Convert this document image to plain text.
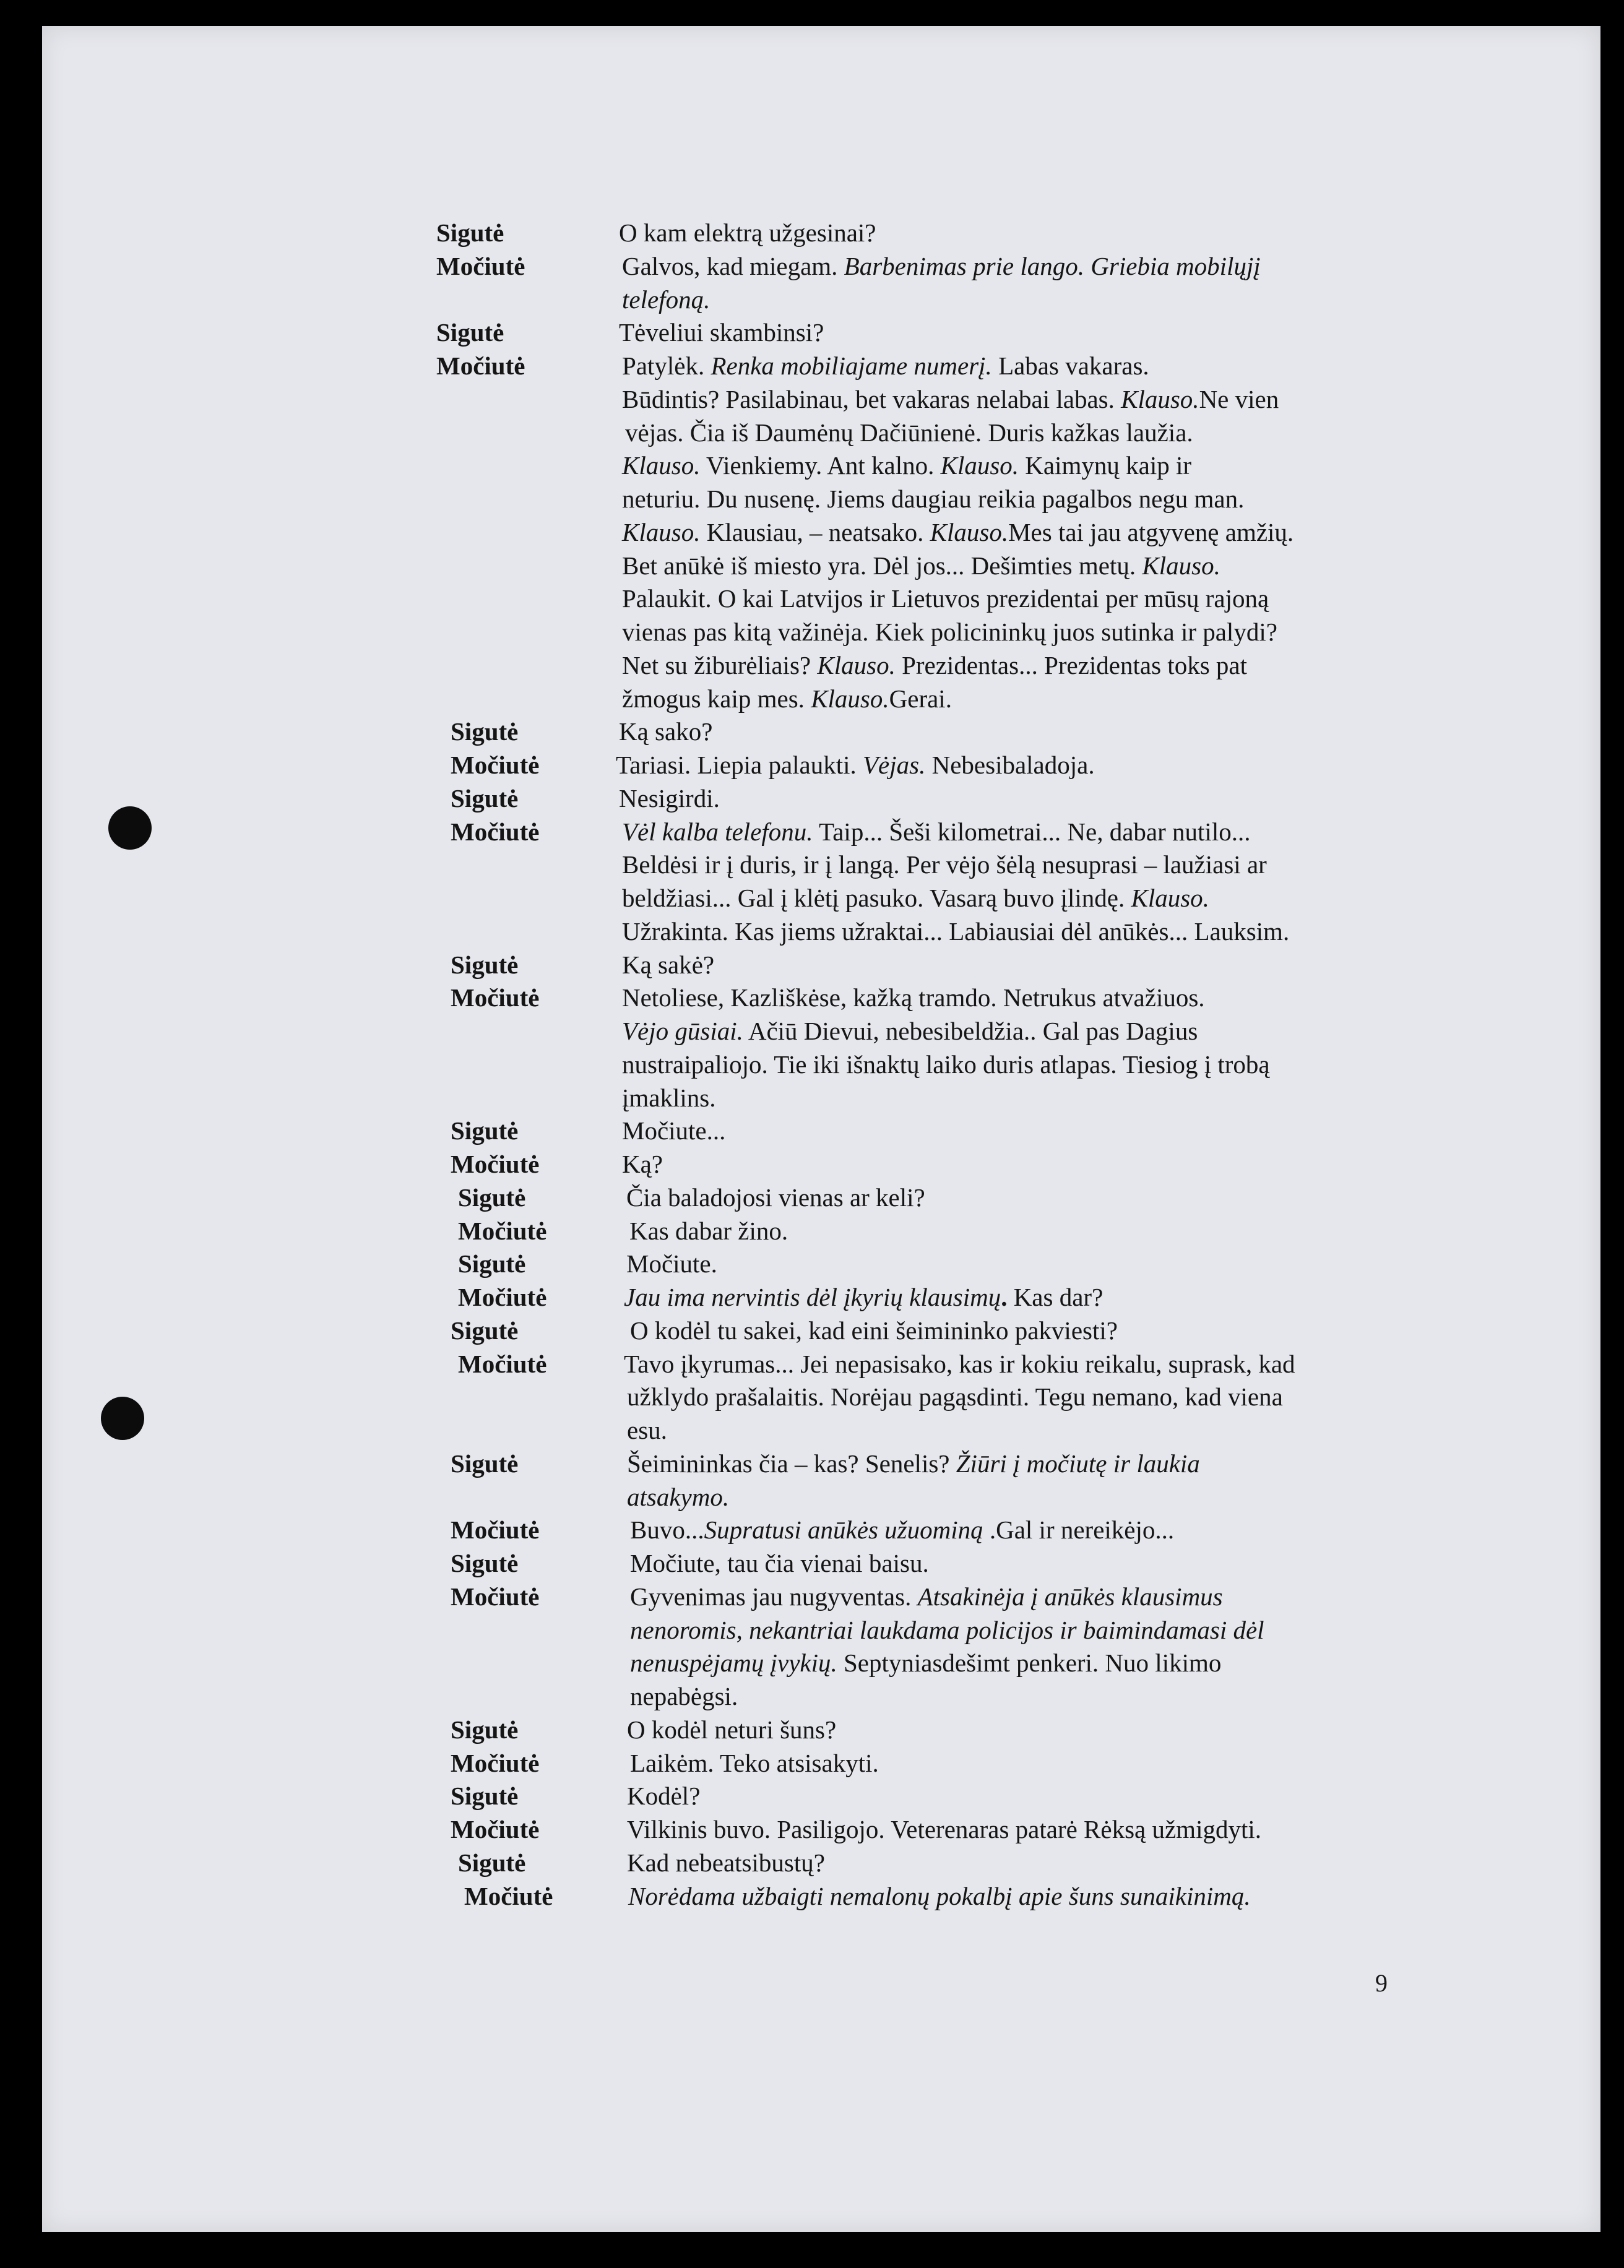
Sigutė	O kam elektrą užgesinai?
Močiutė	Galvos, kad miegam. Barbenimas prie lango. Griebia mobilųjį
telefoną.
Sigutė	Tėveliui skambinsi?
Močiutė	Patylėk. Renka mobiliajame numerį. Labas vakaras.
Būdintis? Pasilabinau, bet vakaras nelabai labas. Klauso.Ne vien
vėjas. Čia iš Daumėnų Dačiūnienė. Duris kažkas laužia.
Klauso. Vienkiemy. Ant kalno. Klauso. Kaimynų kaip ir
neturiu. Du nusenę. Jiems daugiau reikia pagalbos negu man.
Klauso. Klausiau, – neatsako. Klauso.Mes tai jau atgyvenę amžių.
Bet anūkė iš miesto yra. Dėl jos... Dešimties metų. Klauso.
Palaukit. O kai Latvijos ir Lietuvos prezidentai per mūsų rajoną
vienas pas kitą važinėja. Kiek policininkų juos sutinka ir palydi?
Net su žiburėliais? Klauso. Prezidentas... Prezidentas toks pat
žmogus kaip mes. Klauso.Gerai.
Sigutė	Ką sako?
Močiutė	Tariasi. Liepia palaukti. Vėjas. Nebesibaladoja.
Sigutė	Nesigirdi.
Močiutė	Vėl kalba telefonu. Taip... Šeši kilometrai... Ne, dabar nutilo...
Beldėsi ir į duris, ir į langą. Per vėjo šėlą nesuprasi – laužiasi ar
beldžiasi... Gal į klėtį pasuko. Vasarą buvo įlindę. Klauso.
Užrakinta. Kas jiems užraktai... Labiausiai dėl anūkės... Lauksim.
Sigutė	Ką sakė?
Močiutė	Netoliese, Kazliškėse, kažką tramdo. Netrukus atvažiuos.
Vėjo gūsiai. Ačiū Dievui, nebesibeldžia.. Gal pas Dagius
nustraipaliojo. Tie iki išnaktų laiko duris atlapas. Tiesiog į trobą
įmaklins.
Sigutė	Močiute...
Močiutė	Ką?
Sigutė	Čia baladojosi vienas ar keli?
Močiutė	Kas dabar žino.
Sigutė	Močiute.
Močiutė	Jau ima nervintis dėl įkyrių klausimų. Kas dar?
Sigutė	O kodėl tu sakei, kad eini šeimininko pakviesti?
Močiutė	Tavo įkyrumas... Jei nepasisako, kas ir kokiu reikalu, suprask, kad
užklydo prašalaitis. Norėjau pagąsdinti. Tegu nemano, kad viena
esu.
Sigutė	Šeimininkas čia – kas? Senelis? Žiūri į močiutę ir laukia
atsakymo.
Močiutė	Buvo...Supratusi anūkės užuominą .Gal ir nereikėjo...
Sigutė	Močiute, tau čia vienai baisu.
Močiutė	Gyvenimas jau nugyventas. Atsakinėja į anūkės klausimus
nenoromis, nekantriai laukdama policijos ir baimindamasi dėl
nenuspėjamų įvykių. Septyniasdešimt penkeri. Nuo likimo
nepabėgsi.
Sigutė	O kodėl neturi šuns?
Močiutė	Laikėm. Teko atsisakyti.
Sigutė	Kodėl?
Močiutė	Vilkinis buvo. Pasiligojo. Veterenaras patarė Rėksą užmigdyti.
Sigutė	Kad nebeatsibustų?
Močiutė	Norėdama užbaigti nemalonų pokalbį apie šuns sunaikinimą.
9
